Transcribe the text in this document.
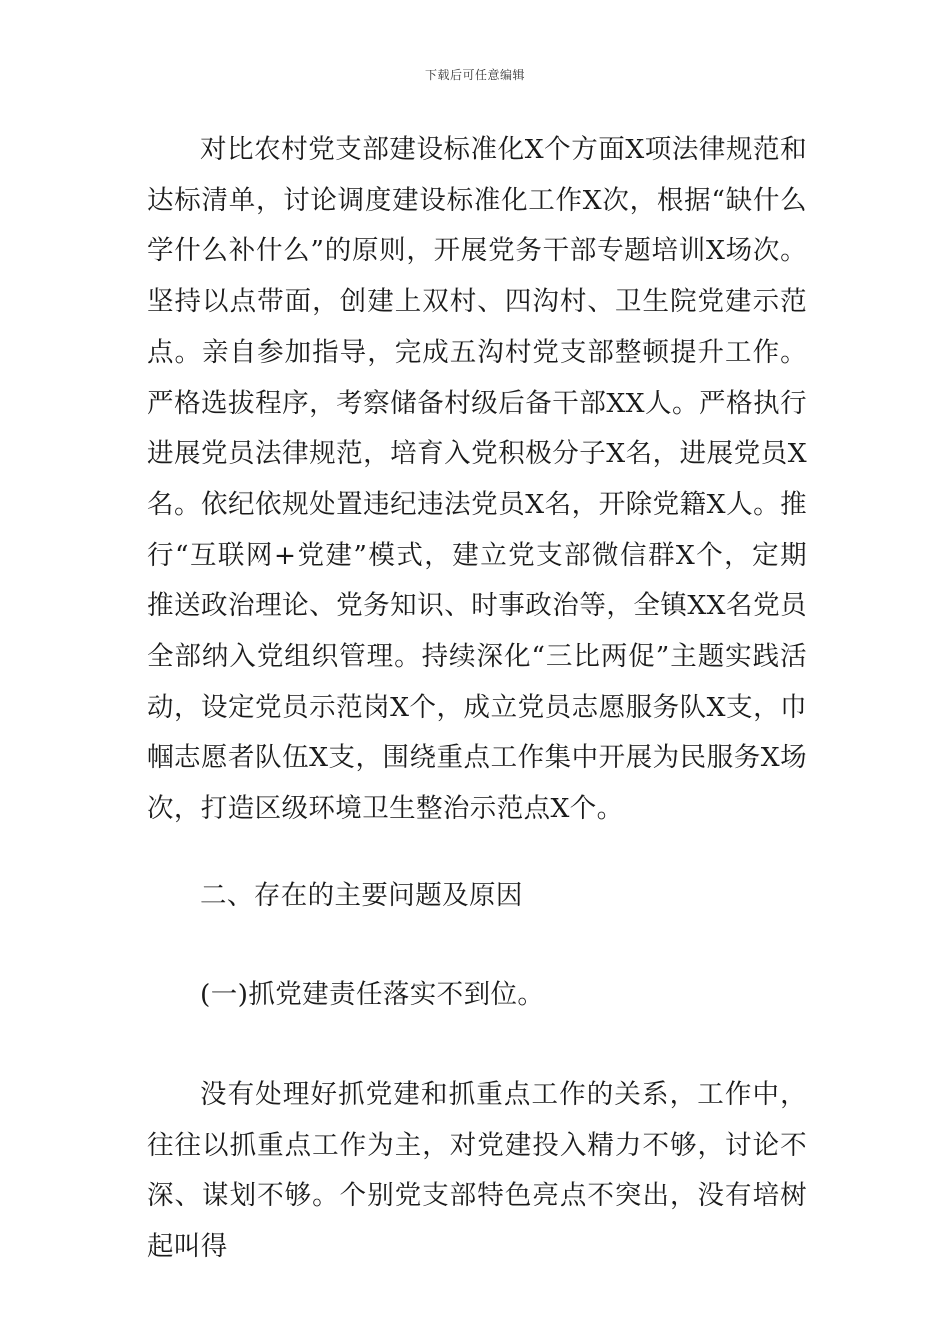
下载后可任意编辑

对比农村党支部建设标准化X个方面X项法律规范和达标清单，讨论调度建设标准化工作X次，根据“缺什么学什么补什么”的原则，开展党务干部专题培训X场次。坚持以点带面，创建上双村、四沟村、卫生院党建示范点。亲自参加指导，完成五沟村党支部整顿提升工作。严格选拔程序，考察储备村级后备干部XX人。严格执行进展党员法律规范，培育入党积极分子X名，进展党员X名。依纪依规处置违纪违法党员X名，开除党籍X人。推行“互联网+党建”模式，建立党支部微信群X个，定期推送政治理论、党务知识、时事政治等，全镇XX名党员全部纳入党组织管理。持续深化“三比两促”主题实践活动，设定党员示范岗X个，成立党员志愿服务队X支，巾帼志愿者队伍X支，围绕重点工作集中开展为民服务X场次，打造区级环境卫生整治示范点X个。

二、存在的主要问题及原因

(一)抓党建责任落实不到位。

没有处理好抓党建和抓重点工作的关系，工作中，往往以抓重点工作为主，对党建投入精力不够，讨论不深、谋划不够。个别党支部特色亮点不突出，没有培树起叫得
